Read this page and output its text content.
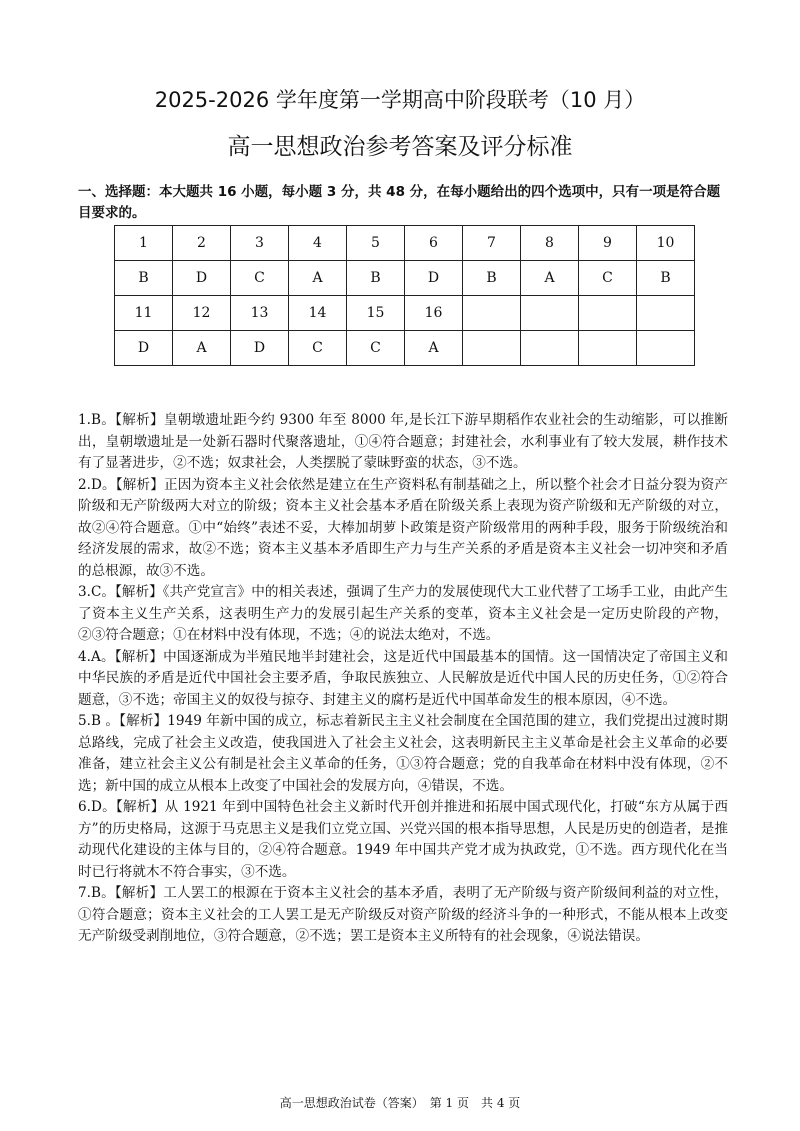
2025-2026 学年度第一学期高中阶段联考（10 月）
高一思想政治参考答案及评分标准
一、选择题：本大题共 16 小题，每小题 3 分，共 48 分，在每小题给出的四个选项中，只有一项是符合题目要求的。
1	2	3	4	5	6	7	8	9	10
B	D	C	A	B	D	B	A	C	B
11	12	13	14	15	16				
D	A	D	C	C	A				

1.B。【解析】皇朝墩遗址距今约 9300 年至 8000 年,是长江下游早期稻作农业社会的生动缩影，可以推断出，皇朝墩遗址是一处新石器时代聚落遗址，①④符合题意；封建社会，水利事业有了较大发展，耕作技术有了显著进步，②不选；奴隶社会，人类摆脱了蒙昧野蛮的状态，③不选。

2.D。【解析】正因为资本主义社会依然是建立在生产资料私有制基础之上，所以整个社会才日益分裂为资产阶级和无产阶级两大对立的阶级；资本主义社会基本矛盾在阶级关系上表现为资产阶级和无产阶级的对立，故②④符合题意。①中“始终”表述不妥，大棒加胡萝卜政策是资产阶级常用的两种手段，服务于阶级统治和经济发展的需求，故②不选；资本主义基本矛盾即生产力与生产关系的矛盾是资本主义社会一切冲突和矛盾的总根源，故③不选。

3.C。【解析】《共产党宣言》中的相关表述，强调了生产力的发展使现代大工业代替了工场手工业，由此产生了资本主义生产关系，这表明生产力的发展引起生产关系的变革，资本主义社会是一定历史阶段的产物，②③符合题意；①在材料中没有体现，不选；④的说法太绝对，不选。

4.A。【解析】中国逐渐成为半殖民地半封建社会，这是近代中国最基本的国情。这一国情决定了帝国主义和中华民族的矛盾是近代中国社会主要矛盾，争取民族独立、人民解放是近代中国人民的历史任务，①②符合题意，③不选；帝国主义的奴役与掠夺、封建主义的腐朽是近代中国革命发生的根本原因，④不选。

5.B 。【解析】1949 年新中国的成立，标志着新民主主义社会制度在全国范围的建立，我们党提出过渡时期总路线，完成了社会主义改造，使我国进入了社会主义社会，这表明新民主主义革命是社会主义革命的必要准备，建立社会主义公有制是社会主义革命的任务，①③符合题意；党的自我革命在材料中没有体现，②不选；新中国的成立从根本上改变了中国社会的发展方向，④错误，不选。

6.D。【解析】从 1921 年到中国特色社会主义新时代开创并推进和拓展中国式现代化，打破“东方从属于西方”的历史格局，这源于马克思主义是我们立党立国、兴党兴国的根本指导思想，人民是历史的创造者，是推动现代化建设的主体与目的，②④符合题意。1949 年中国共产党才成为执政党，①不选。西方现代化在当时已行将就木不符合事实，③不选。

7.B。【解析】工人罢工的根源在于资本主义社会的基本矛盾，表明了无产阶级与资产阶级间利益的对立性，①符合题意；资本主义社会的工人罢工是无产阶级反对资产阶级的经济斗争的一种形式，不能从根本上改变无产阶级受剥削地位，③符合题意，②不选；罢工是资本主义所特有的社会现象，④说法错误。

高一思想政治试卷（答案）　第 1 页　共 4 页
